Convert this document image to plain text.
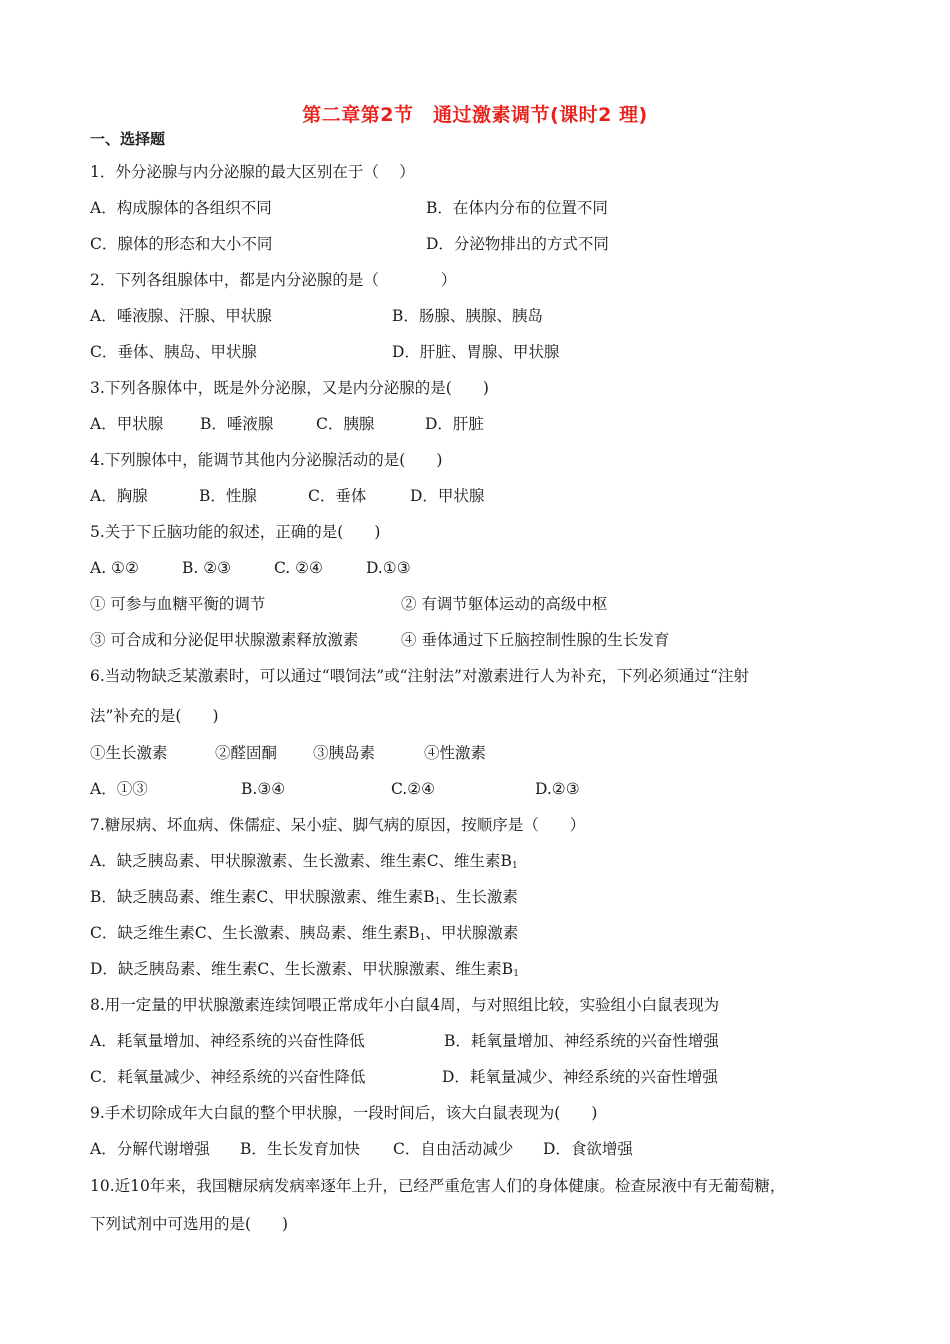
第二章第2节　通过激素调节(课时2 理)
一、选择题
1．外分泌腺与内分泌腺的最大区别在于（　 ）
A．构成腺体的各组织不同	B．在体内分布的位置不同
C．腺体的形态和大小不同	D．分泌物排出的方式不同
2．下列各组腺体中，都是内分泌腺的是（　　　　）
A．唾液腺、汗腺、甲状腺	B．肠腺、胰腺、胰岛
C．垂体、胰岛、甲状腺	D．肝脏、胃腺、甲状腺
3.下列各腺体中，既是外分泌腺，又是内分泌腺的是(　　)
A．甲状腺 B．唾液腺	C．胰腺	D．肝脏
4.下列腺体中，能调节其他内分泌腺活动的是(　　)
A．胸腺	B．性腺	C．垂体	D．甲状腺
5.关于下丘脑功能的叙述，正确的是(　　)
A. ①②	B. ②③	C. ②④	D.①③
① 可参与血糖平衡的调节	② 有调节躯体运动的高级中枢
③ 可合成和分泌促甲状腺激素释放激素	④ 垂体通过下丘脑控制性腺的生长发育
6.当动物缺乏某激素时，可以通过“喂饲法”或“注射法”对激素进行人为补充，下列必须通过“注射
法”补充的是(　　)
①生长激素	②醛固酮 ③胰岛素	④性激素
A．①③	B.③④	C.②④	D.②③
7.糖尿病、坏血病、侏儒症、呆小症、脚气病的原因，按顺序是（　　）
A．缺乏胰岛素、甲状腺激素、生长激素、维生素C、维生素$B_1$
B．缺乏胰岛素、维生素C、甲状腺激素、维生素$B_1$、生长激素
C．缺乏维生素C、生长激素、胰岛素、维生素$B_1$、甲状腺激素
D．缺乏胰岛素、维生素C、生长激素、甲状腺激素、维生素$B_1$
8.用一定量的甲状腺激素连续饲喂正常成年小白鼠4周，与对照组比较，实验组小白鼠表现为
A．耗氧量增加、神经系统的兴奋性降低	B．耗氧量增加、神经系统的兴奋性增强
C．耗氧量减少、神经系统的兴奋性降低	D．耗氧量减少、神经系统的兴奋性增强
9.手术切除成年大白鼠的整个甲状腺，一段时间后，该大白鼠表现为(　　)
A．分解代谢增强 B．生长发育加快 C．自由活动减少 D．食欲增强
10.近10年来，我国糖尿病发病率逐年上升，已经严重危害人们的身体健康。检查尿液中有无葡萄糖，
下列试剂中可选用的是(　　)
